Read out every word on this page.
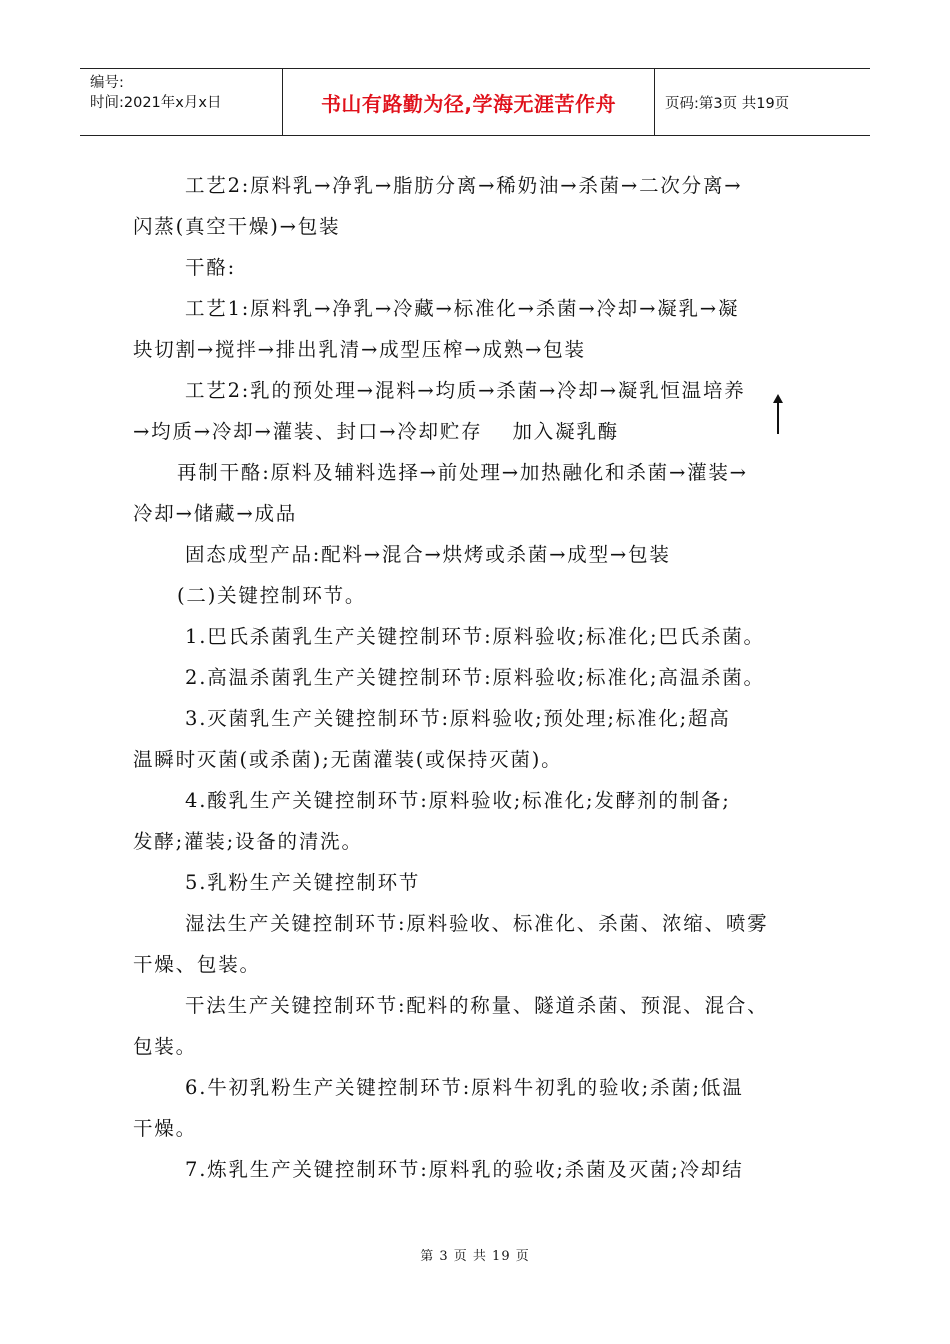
编号:
时间:2021年x月x日	书山有路勤为径,学海无涯苦作舟	页码:第3页 共19页
工艺2:原料乳→净乳→脂肪分离→稀奶油→杀菌→二次分离→
闪蒸(真空干燥)→包装
干酪:
工艺1:原料乳→净乳→冷藏→标准化→杀菌→冷却→凝乳→凝
块切割→搅拌→排出乳清→成型压榨→成熟→包装
工艺2:乳的预处理→混料→均质→杀菌→冷却→凝乳恒温培养
→均质→冷却→灌装、封口→冷却贮存 加入凝乳酶
再制干酪:原料及辅料选择→前处理→加热融化和杀菌→灌装→
冷却→储藏→成品
固态成型产品:配料→混合→烘烤或杀菌→成型→包装
(二)关键控制环节。
1.巴氏杀菌乳生产关键控制环节:原料验收;标准化;巴氏杀菌。
2.高温杀菌乳生产关键控制环节:原料验收;标准化;高温杀菌。
3.灭菌乳生产关键控制环节:原料验收;预处理;标准化;超高
温瞬时灭菌(或杀菌);无菌灌装(或保持灭菌)。
4.酸乳生产关键控制环节:原料验收;标准化;发酵剂的制备;
发酵;灌装;设备的清洗。
5.乳粉生产关键控制环节
湿法生产关键控制环节:原料验收、标准化、杀菌、浓缩、喷雾
干燥、包装。
干法生产关键控制环节:配料的称量、隧道杀菌、预混、混合、
包装。
6.牛初乳粉生产关键控制环节:原料牛初乳的验收;杀菌;低温
干燥。
7.炼乳生产关键控制环节:原料乳的验收;杀菌及灭菌;冷却结
第 3 页 共 19 页
